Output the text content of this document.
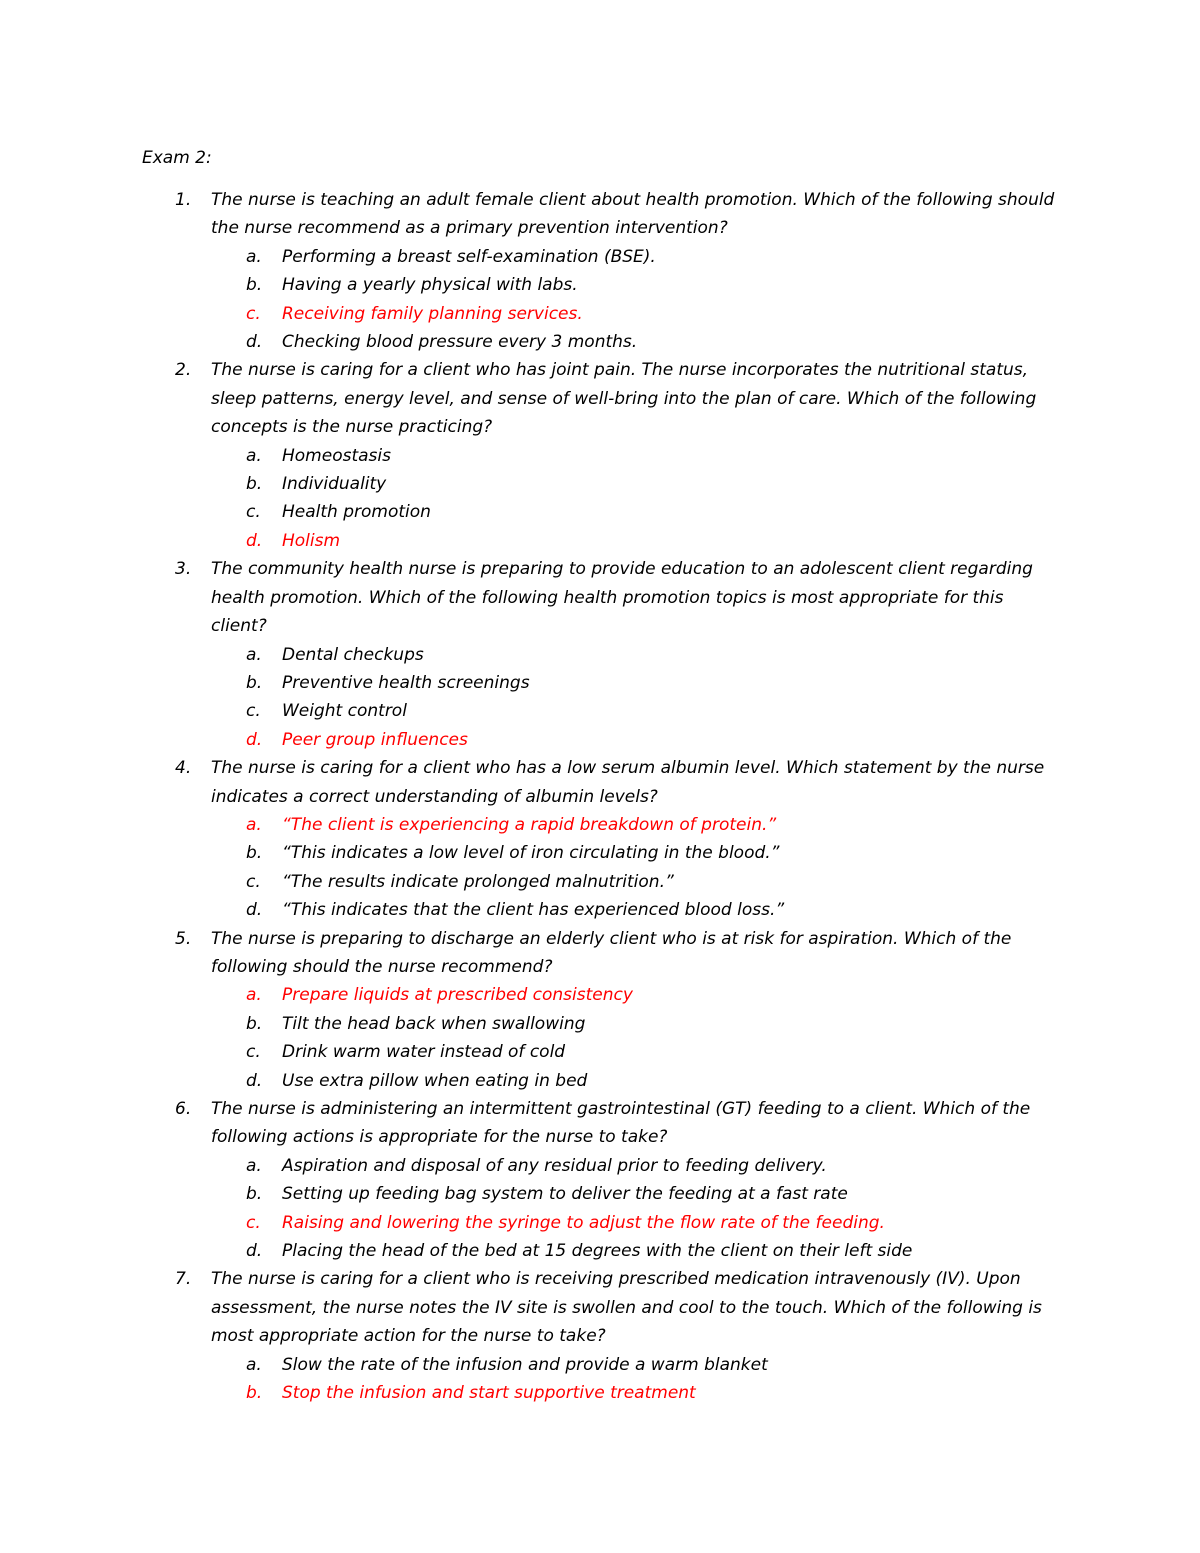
Exam 2:
1. The nurse is teaching an adult female client about health promotion. Which of the following should the nurse recommend as a primary prevention intervention?
a. Performing a breast self-examination (BSE).
b. Having a yearly physical with labs.
c. Receiving family planning services.
d. Checking blood pressure every 3 months.
2. The nurse is caring for a client who has joint pain. The nurse incorporates the nutritional status, sleep patterns, energy level, and sense of well-bring into the plan of care. Which of the following concepts is the nurse practicing?
a. Homeostasis
b. Individuality
c. Health promotion
d. Holism
3. The community health nurse is preparing to provide education to an adolescent client regarding health promotion. Which of the following health promotion topics is most appropriate for this client?
a. Dental checkups
b. Preventive health screenings
c. Weight control
d. Peer group influences
4. The nurse is caring for a client who has a low serum albumin level. Which statement by the nurse indicates a correct understanding of albumin levels?
a. “The client is experiencing a rapid breakdown of protein.”
b. “This indicates a low level of iron circulating in the blood.”
c. “The results indicate prolonged malnutrition.”
d. “This indicates that the client has experienced blood loss.”
5. The nurse is preparing to discharge an elderly client who is at risk for aspiration. Which of the following should the nurse recommend?
a. Prepare liquids at prescribed consistency
b. Tilt the head back when swallowing
c. Drink warm water instead of cold
d. Use extra pillow when eating in bed
6. The nurse is administering an intermittent gastrointestinal (GT) feeding to a client. Which of the following actions is appropriate for the nurse to take?
a. Aspiration and disposal of any residual prior to feeding delivery.
b. Setting up feeding bag system to deliver the feeding at a fast rate
c. Raising and lowering the syringe to adjust the flow rate of the feeding.
d. Placing the head of the bed at 15 degrees with the client on their left side
7. The nurse is caring for a client who is receiving prescribed medication intravenously (IV). Upon assessment, the nurse notes the IV site is swollen and cool to the touch. Which of the following is most appropriate action for the nurse to take?
a. Slow the rate of the infusion and provide a warm blanket
b. Stop the infusion and start supportive treatment
